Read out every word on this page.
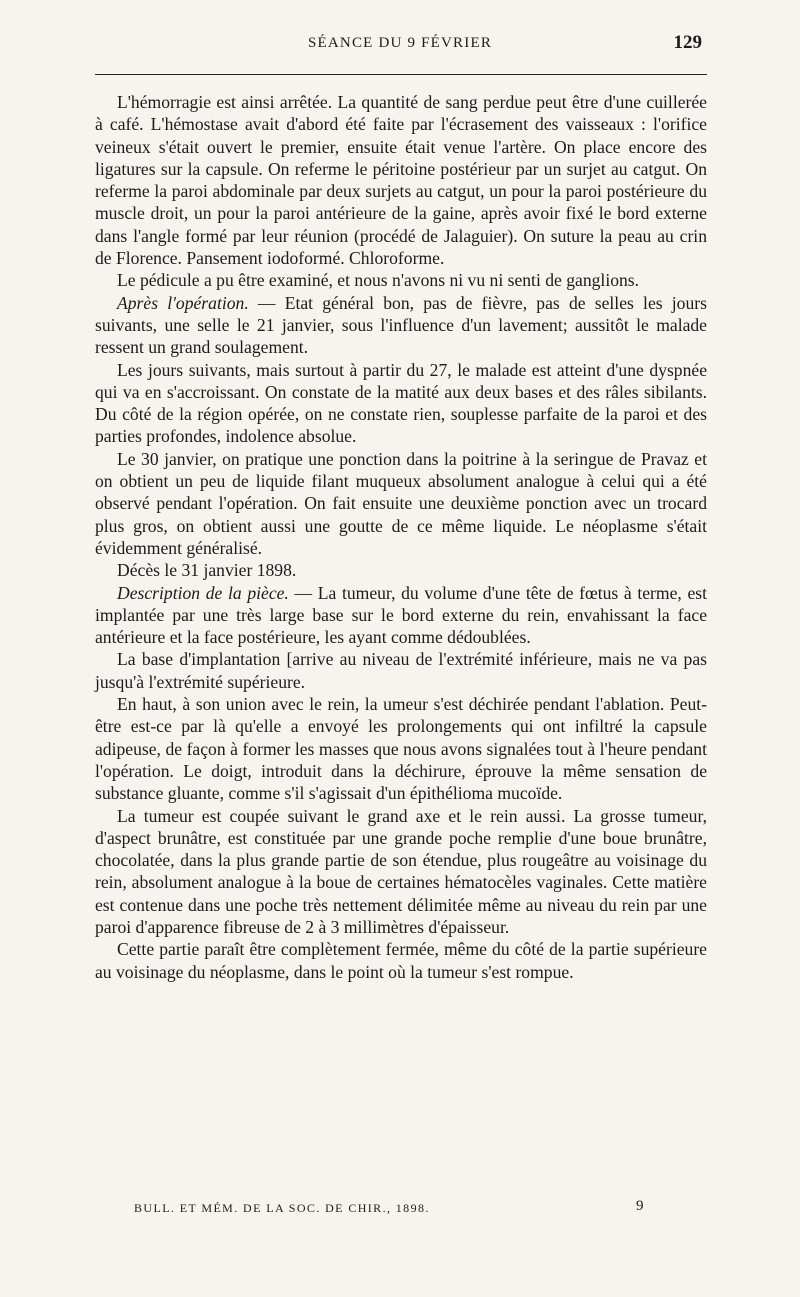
SÉANCE DU 9 FÉVRIER	129

L'hémorragie est ainsi arrêtée. La quantité de sang perdue peut être d'une cuillerée à café. L'hémostase avait d'abord été faite par l'écrasement des vaisseaux : l'orifice veineux s'était ouvert le premier, ensuite était venue l'artère. On place encore des ligatures sur la capsule. On referme le péritoine postérieur par un surjet au catgut. On referme la paroi abdominale par deux surjets au catgut, un pour la paroi postérieure du muscle droit, un pour la paroi antérieure de la gaine, après avoir fixé le bord externe dans l'angle formé par leur réunion (procédé de Jalaguier). On suture la peau au crin de Florence. Pansement iodoformé. Chloroforme.

Le pédicule a pu être examiné, et nous n'avons ni vu ni senti de ganglions.

Après l'opération. — Etat général bon, pas de fièvre, pas de selles les jours suivants, une selle le 21 janvier, sous l'influence d'un lavement; aussitôt le malade ressent un grand soulagement.

Les jours suivants, mais surtout à partir du 27, le malade est atteint d'une dyspnée qui va en s'accroissant. On constate de la matité aux deux bases et des râles sibilants. Du côté de la région opérée, on ne constate rien, souplesse parfaite de la paroi et des parties profondes, indolence absolue.

Le 30 janvier, on pratique une ponction dans la poitrine à la seringue de Pravaz et on obtient un peu de liquide filant muqueux absolument analogue à celui qui a été observé pendant l'opération. On fait ensuite une deuxième ponction avec un trocard plus gros, on obtient aussi une goutte de ce même liquide. Le néoplasme s'était évidemment généralisé.

Décès le 31 janvier 1898.

Description de la pièce. — La tumeur, du volume d'une tête de fœtus à terme, est implantée par une très large base sur le bord externe du rein, envahissant la face antérieure et la face postérieure, les ayant comme dédoublées.

La base d'implantation [arrive au niveau de l'extrémité inférieure, mais ne va pas jusqu'à l'extrémité supérieure.

En haut, à son union avec le rein, la umeur s'est déchirée pendant l'ablation. Peut-être est-ce par là qu'elle a envoyé les prolongements qui ont infiltré la capsule adipeuse, de façon à former les masses que nous avons signalées tout à l'heure pendant l'opération. Le doigt, introduit dans la déchirure, éprouve la même sensation de substance gluante, comme s'il s'agissait d'un épithélioma mucoïde.

La tumeur est coupée suivant le grand axe et le rein aussi. La grosse tumeur, d'aspect brunâtre, est constituée par une grande poche remplie d'une boue brunâtre, chocolatée, dans la plus grande partie de son étendue, plus rougeâtre au voisinage du rein, absolument analogue à la boue de certaines hématocèles vaginales. Cette matière est contenue dans une poche très nettement délimitée même au niveau du rein par une paroi d'apparence fibreuse de 2 à 3 millimètres d'épaisseur.

Cette partie paraît être complètement fermée, même du côté de la partie supérieure au voisinage du néoplasme, dans le point où la tumeur s'est rompue.

BULL. ET MÉM. DE LA SOC. DE CHIR., 1898.	9
